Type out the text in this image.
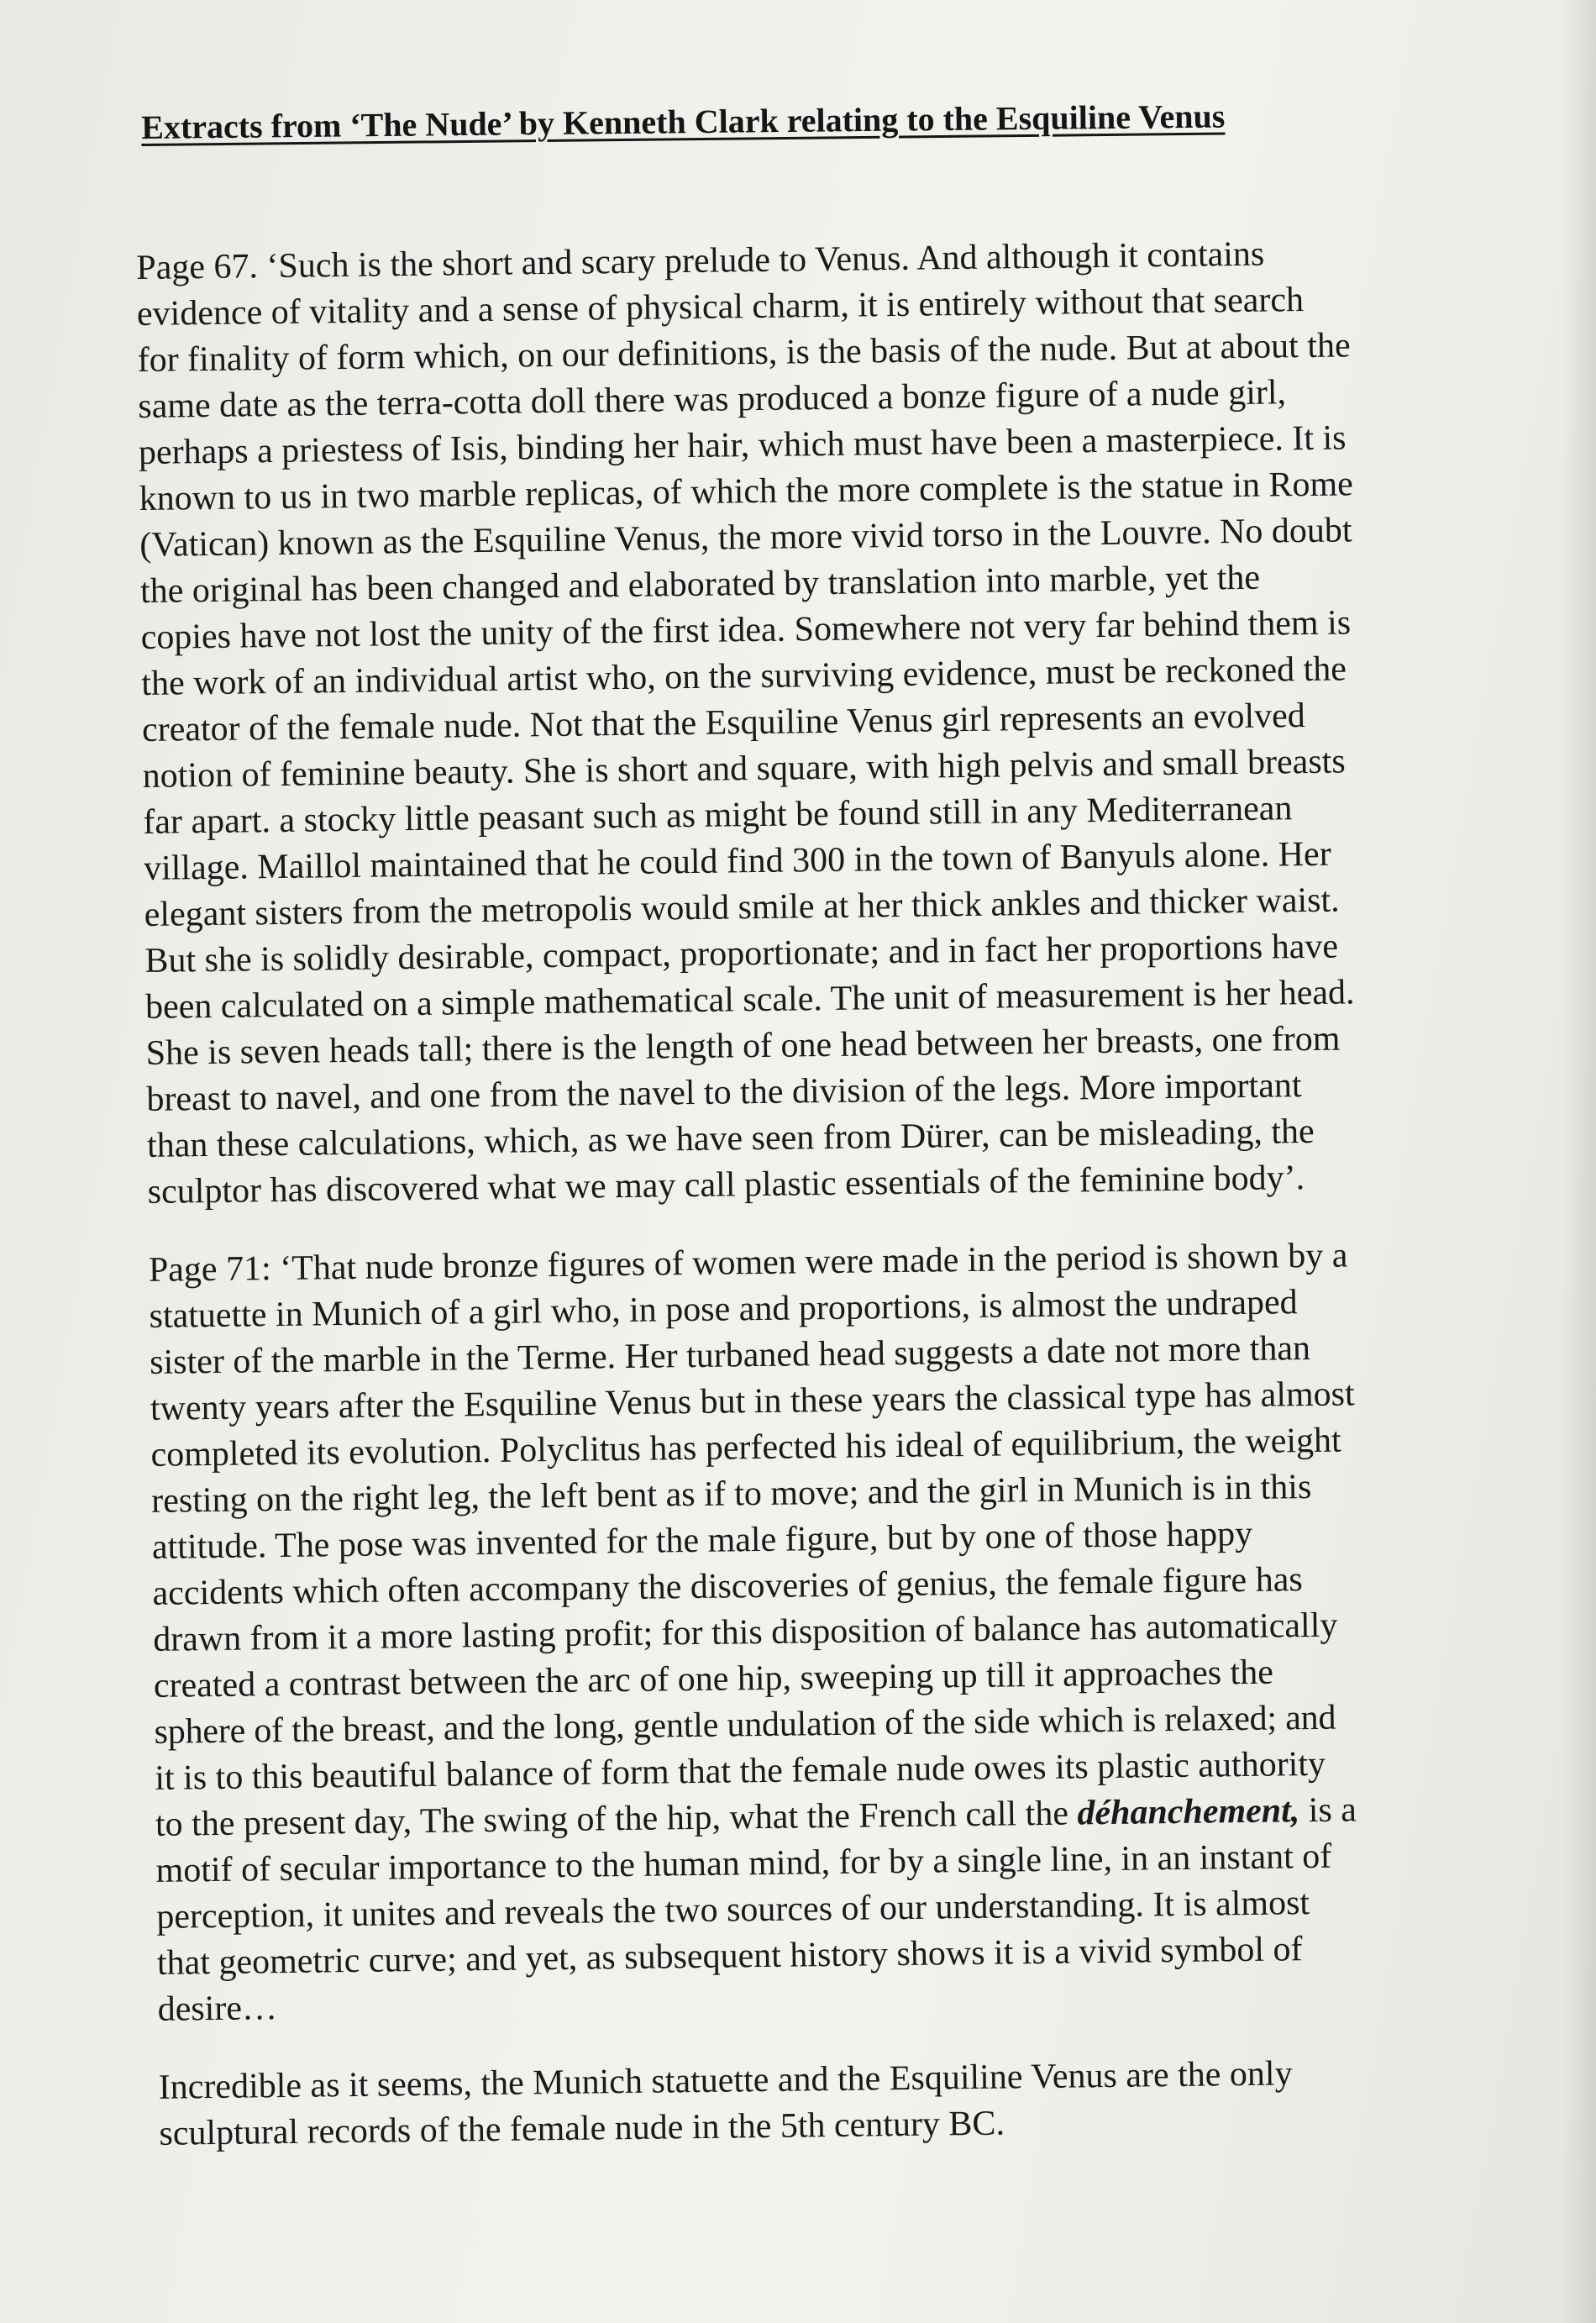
Extracts from ‘The Nude’ by Kenneth Clark relating to the Esquiline Venus
Page 67. ‘Such is the short and scary prelude to Venus. And although it contains
evidence of vitality and a sense of physical charm, it is entirely without that search
for finality of form which, on our definitions, is the basis of the nude. But at about the
same date as the terra-cotta doll there was produced a bonze figure of a nude girl,
perhaps a priestess of Isis, binding her hair, which must have been a masterpiece. It is
known to us in two marble replicas, of which the more complete is the statue in Rome
(Vatican) known as the Esquiline Venus, the more vivid torso in the Louvre. No doubt
the original has been changed and elaborated by translation into marble, yet the
copies have not lost the unity of the first idea. Somewhere not very far behind them is
the work of an individual artist who, on the surviving evidence, must be reckoned the
creator of the female nude. Not that the Esquiline Venus girl represents an evolved
notion of feminine beauty. She is short and square, with high pelvis and small breasts
far apart. a stocky little peasant such as might be found still in any Mediterranean
village. Maillol maintained that he could find 300 in the town of Banyuls alone. Her
elegant sisters from the metropolis would smile at her thick ankles and thicker waist.
But she is solidly desirable, compact, proportionate; and in fact her proportions have
been calculated on a simple mathematical scale. The unit of measurement is her head.
She is seven heads tall; there is the length of one head between her breasts, one from
breast to navel, and one from the navel to the division of the legs. More important
than these calculations, which, as we have seen from Dürer, can be misleading, the
sculptor has discovered what we may call plastic essentials of the feminine body’.
Page 71: ‘That nude bronze figures of women were made in the period is shown by a
statuette in Munich of a girl who, in pose and proportions, is almost the undraped
sister of the marble in the Terme. Her turbaned head suggests a date not more than
twenty years after the Esquiline Venus but in these years the classical type has almost
completed its evolution. Polyclitus has perfected his ideal of equilibrium, the weight
resting on the right leg, the left bent as if to move; and the girl in Munich is in this
attitude. The pose was invented for the male figure, but by one of those happy
accidents which often accompany the discoveries of genius, the female figure has
drawn from it a more lasting profit; for this disposition of balance has automatically
created a contrast between the arc of one hip, sweeping up till it approaches the
sphere of the breast, and the long, gentle undulation of the side which is relaxed; and
it is to this beautiful balance of form that the female nude owes its plastic authority
to the present day, The swing of the hip, what the French call the déhanchement, is a
motif of secular importance to the human mind, for by a single line, in an instant of
perception, it unites and reveals the two sources of our understanding. It is almost
that geometric curve; and yet, as subsequent history shows it is a vivid symbol of
desire…
Incredible as it seems, the Munich statuette and the Esquiline Venus are the only
sculptural records of the female nude in the 5th century BC.
